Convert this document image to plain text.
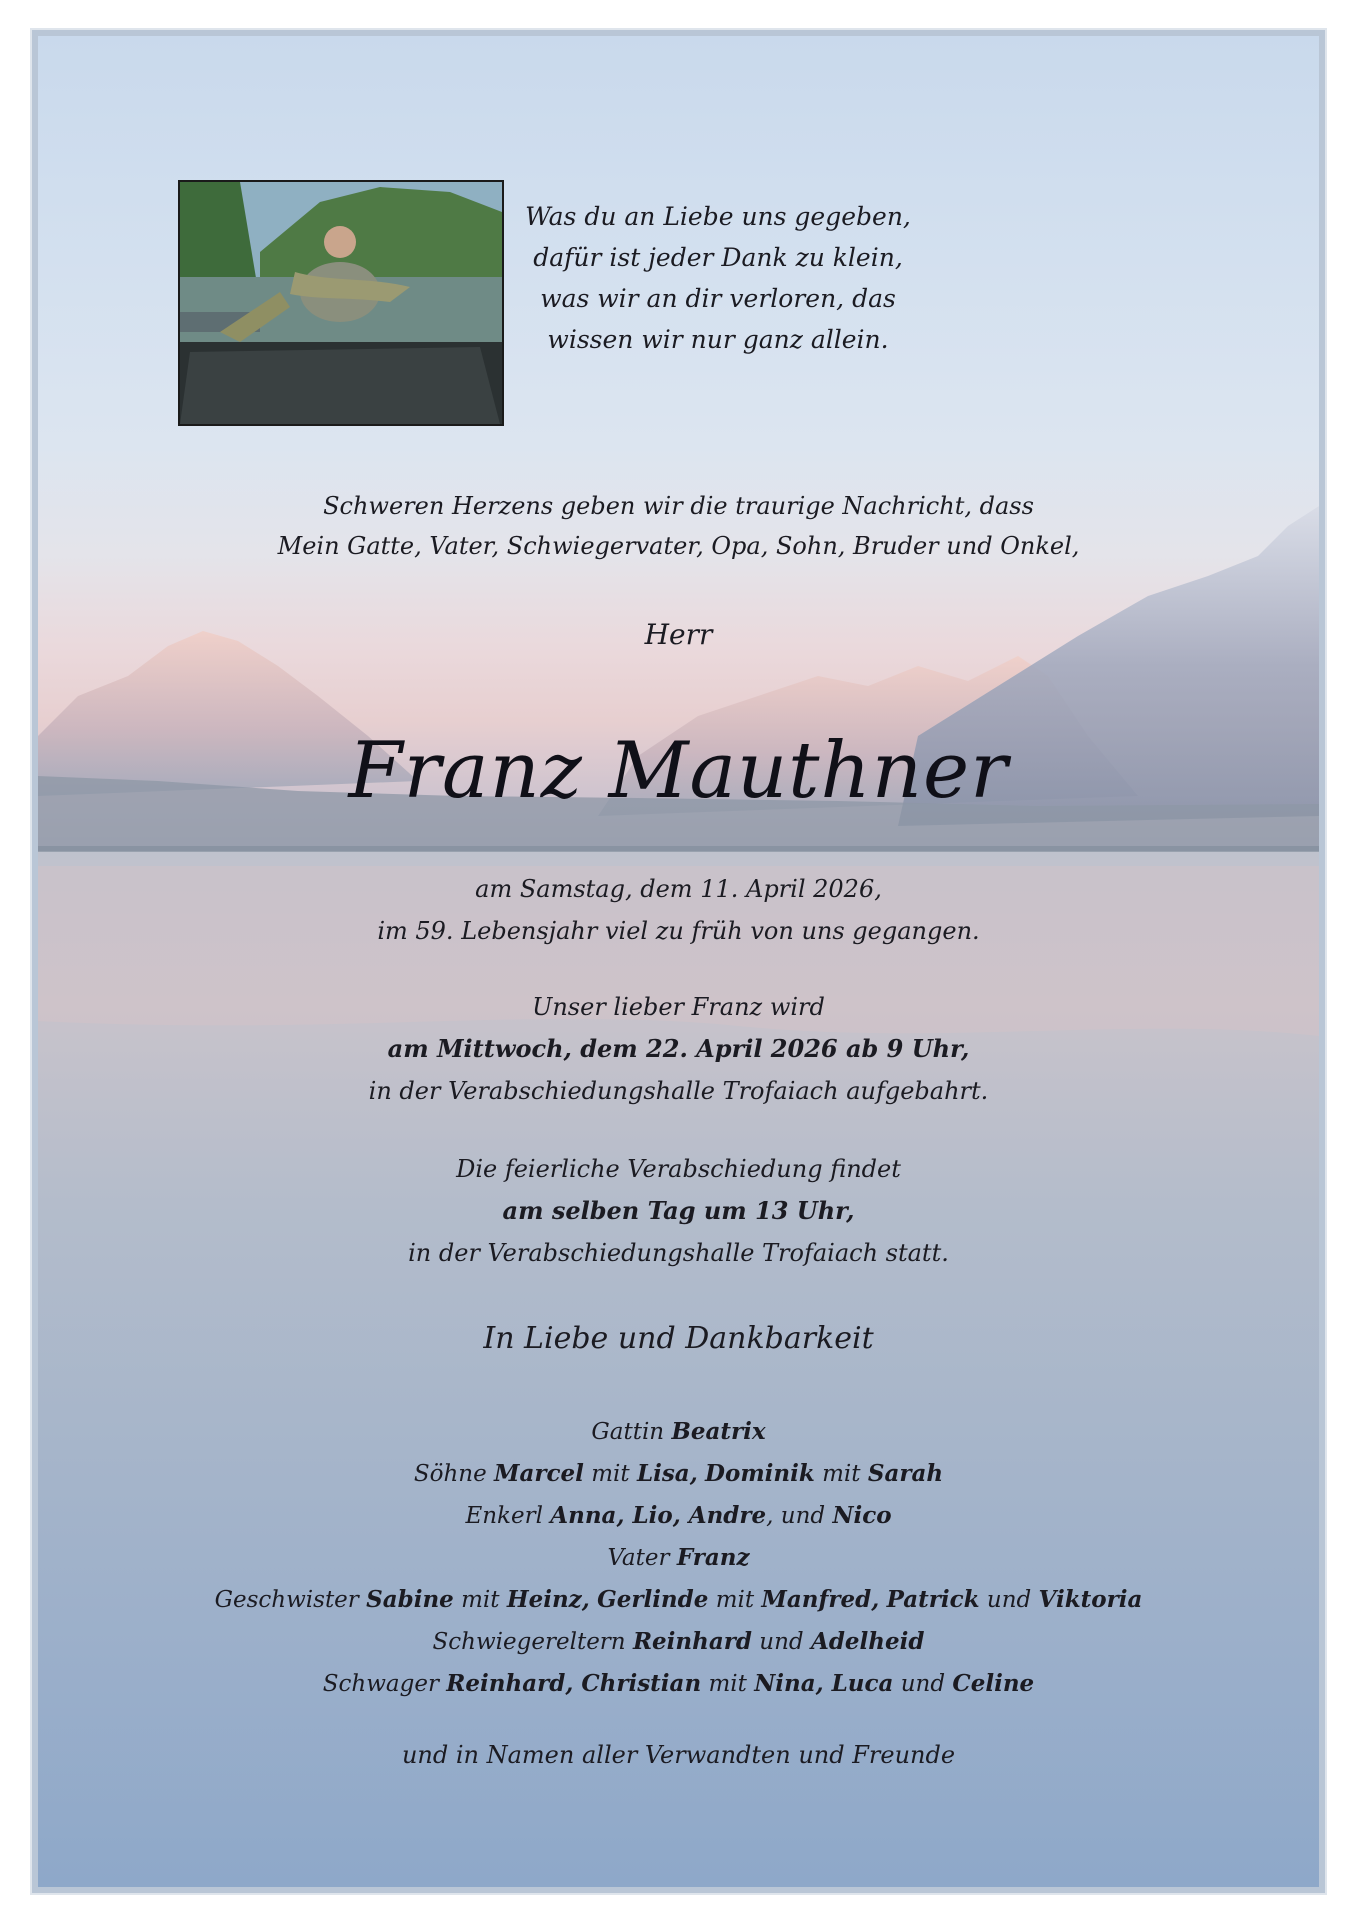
Was du an Liebe uns gegeben,
dafür ist jeder Dank zu klein,
was wir an dir verloren, das
wissen wir nur ganz allein.
Schweren Herzens geben wir die traurige Nachricht, dass
Mein Gatte, Vater, Schwiegervater, Opa, Sohn, Bruder und Onkel,
Herr
Franz Mauthner
am Samstag, dem 11. April 2026,
im 59. Lebensjahr viel zu früh von uns gegangen.
Unser lieber Franz wird
am Mittwoch, dem 22. April 2026 ab 9 Uhr,
in der Verabschiedungshalle Trofaiach aufgebahrt.
Die feierliche Verabschiedung findet
am selben Tag um 13 Uhr,
in der Verabschiedungshalle Trofaiach statt.
In Liebe und Dankbarkeit
Gattin Beatrix
Söhne Marcel mit Lisa, Dominik mit Sarah
Enkerl Anna, Lio, Andre, und Nico
Vater Franz
Geschwister Sabine mit Heinz, Gerlinde mit Manfred, Patrick und Viktoria
Schwiegereltern Reinhard und Adelheid
Schwager Reinhard, Christian mit Nina, Luca und Celine
und in Namen aller Verwandten und Freunde
